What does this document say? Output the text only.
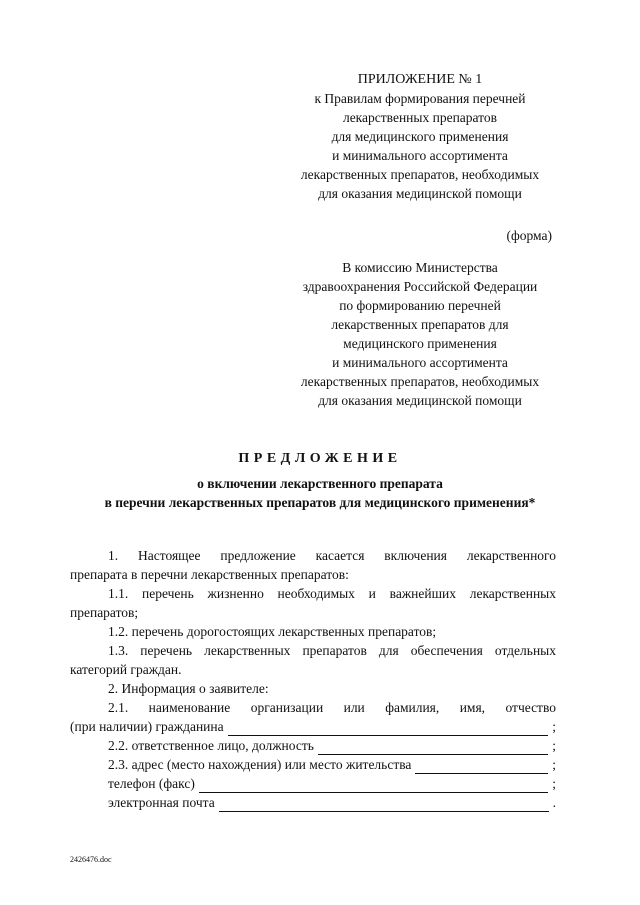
ПРИЛОЖЕНИЕ № 1
к Правилам формирования перечней
лекарственных препаратов
для медицинского применения
и минимального ассортимента
лекарственных препаратов, необходимых
для оказания медицинской помощи
(форма)
В комиссию Министерства
здравоохранения Российской Федерации
по формированию перечней
лекарственных препаратов для
медицинского применения
и минимального ассортимента
лекарственных препаратов, необходимых
для оказания медицинской помощи
ПРЕДЛОЖЕНИЕ
о включении лекарственного препарата
в перечни лекарственных препаратов для медицинского применения*
1. Настоящее предложение касается включения лекарственного
препарата в перечни лекарственных препаратов:
1.1. перечень жизненно необходимых и важнейших лекарственных
препаратов;
1.2. перечень дорогостоящих лекарственных препаратов;
1.3. перечень лекарственных препаратов для обеспечения отдельных
категорий граждан.
2. Информация о заявителе:
2.1. наименование организации или фамилия, имя, отчество
(при наличии) гражданина	;
2.2. ответственное лицо, должность	;
2.3. адрес (место нахождения) или место жительства	;
телефон (факс)	;
электронная почта	.
2426476.doc
